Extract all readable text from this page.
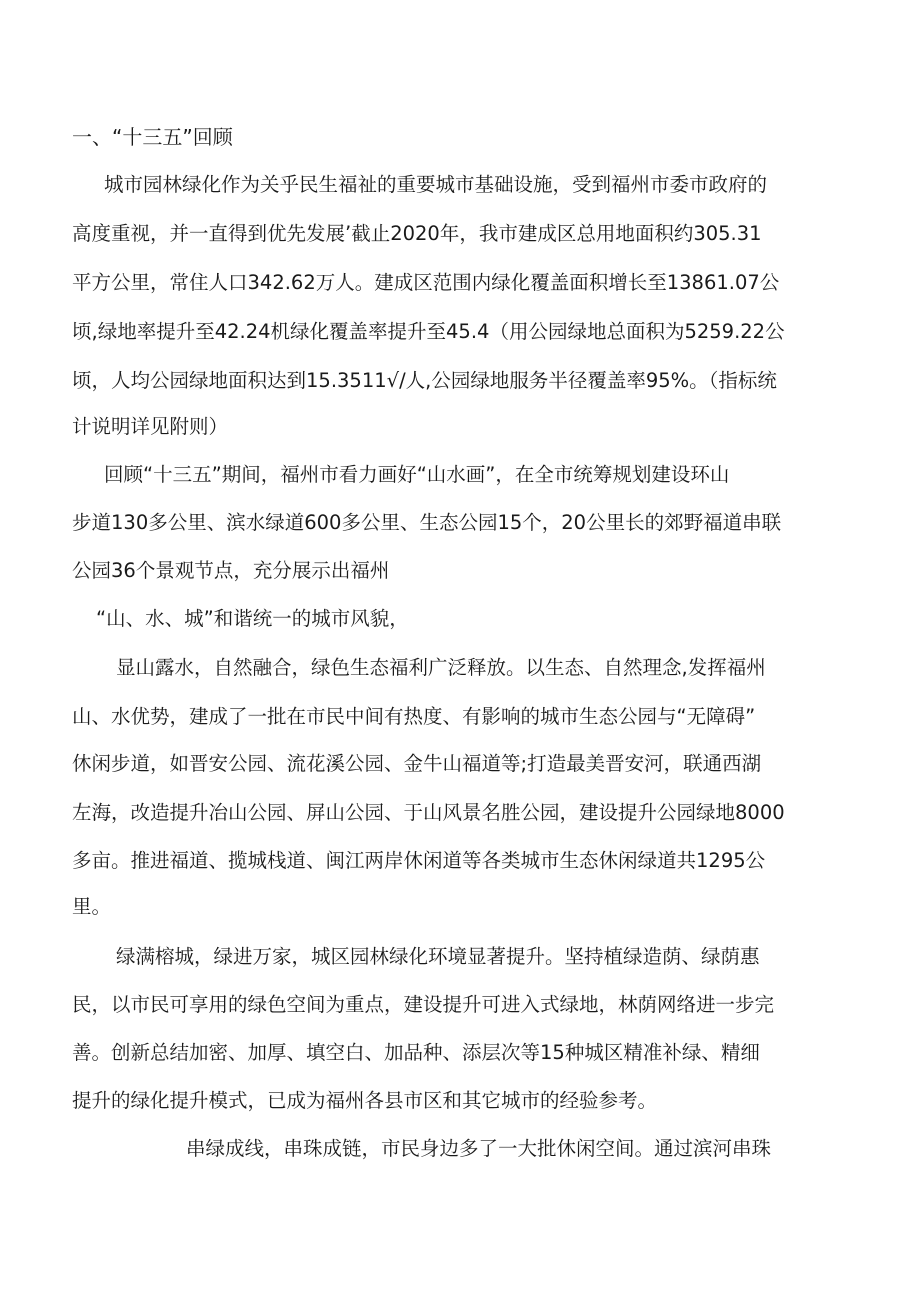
一、“十三五”回顾
城市园林绿化作为关乎民生福祉的重要城市基础设施，受到福州市委市政府的
高度重视，并一直得到优先发展’截止2020年，我市建成区总用地面积约305.31
平方公里，常住人口342.62万人。建成区范围内绿化覆盖面积增长至13861.07公
顷,绿地率提升至42.24机绿化覆盖率提升至45.4（用公园绿地总面积为5259.22公
顷，人均公园绿地面积达到15.3511√/人,公园绿地服务半径覆盖率95%。（指标统
计说明详见附则）
回顾“十三五”期间，福州市看力画好“山水画”，在全市统筹规划建设环山
步道130多公里、滨水绿道600多公里、生态公园15个，20公里长的郊野福道串联
公园36个景观节点，充分展示出福州
“山、水、城”和谐统一的城市风貌，
显山露水，自然融合，绿色生态福利广泛释放。以生态、自然理念,发挥福州
山、水优势，建成了一批在市民中间有热度、有影响的城市生态公园与“无障碍”
休闲步道，如晋安公园、流花溪公园、金牛山福道等;打造最美晋安河，联通西湖
左海，改造提升冶山公园、屏山公园、于山风景名胜公园，建设提升公园绿地8000
多亩。推进福道、揽城栈道、闽江两岸休闲道等各类城市生态休闲绿道共1295公
里。
绿满榕城，绿进万家，城区园林绿化环境显著提升。坚持植绿造荫、绿荫惠
民，以市民可享用的绿色空间为重点，建设提升可进入式绿地，林荫网络进一步完
善。创新总结加密、加厚、填空白、加品种、添层次等15种城区精准补绿、精细
提升的绿化提升模式，已成为福州各县市区和其它城市的经验参考。
串绿成线，串珠成链，市民身边多了一大批休闲空间。通过滨河串珠
